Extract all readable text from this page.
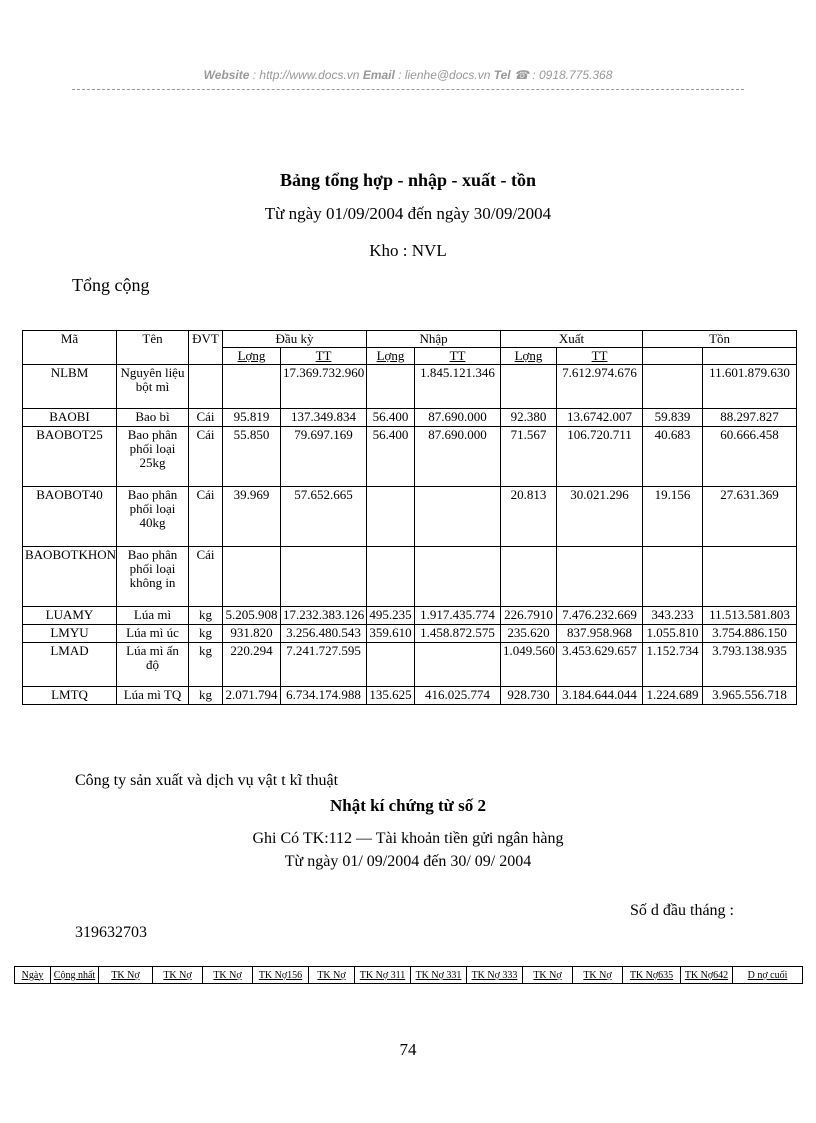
Website : http://www.docs.vn Email : lienhe@docs.vn Tel ☎ : 0918.775.368
Bảng tổng hợp - nhập - xuất - tồn
Từ ngày 01/09/2004 đến ngày 30/09/2004
Kho : NVL
Tổng cộng
Mã	Tên	ĐVT	Đầu kỳ		Nhập		Xuất		Tồn	
			Lợng	TT	Lợng	TT	Lợng	TT		
NLBM	Nguyên liệu bột mì			17.369.732.960		1.845.121.346		7.612.974.676		11.601.879.630
BAOBI	Bao bì	Cái	95.819	137.349.834	56.400	87.690.000	92.380	13.6742.007	59.839	88.297.827
BAOBOT25	Bao phân phối loại 25kg	Cái	55.850	79.697.169	56.400	87.690.000	71.567	106.720.711	40.683	60.666.458
BAOBOT40	Bao phân phối loại 40kg	Cái	39.969	57.652.665			20.813	30.021.296	19.156	27.631.369
BAOBOTKHON	Bao phân phối loại không in	Cái								
LUAMY	Lúa mì	kg	5.205.908	17.232.383.126	495.235	1.917.435.774	226.7910	7.476.232.669	343.233	11.513.581.803
LMYU	Lúa mì úc	kg	931.820	3.256.480.543	359.610	1.458.872.575	235.620	837.958.968	1.055.810	3.754.886.150
LMAD	Lúa mì ấn độ	kg	220.294	7.241.727.595			1.049.560	3.453.629.657	1.152.734	3.793.138.935
LMTQ	Lúa mì TQ	kg	2.071.794	6.734.174.988	135.625	416.025.774	928.730	3.184.644.044	1.224.689	3.965.556.718
Công ty sản xuất và dịch vụ vật t kĩ thuật
Nhật kí chứng từ số 2
Ghi Có TK:112 — Tài khoản tiền gửi ngân hàng
Từ ngày 01/ 09/2004 đến 30/ 09/ 2004
Số d đầu tháng :
319632703
Ngày	Cộng nhất	TK Nợ	TK Nợ	TK Nợ	TK Nợ156	TK Nợ	TK Nợ 311	TK Nợ 331	TK Nợ 333	TK Nợ	TK Nợ	TK Nợ635	TK Nợ642	D nợ cuối
74
